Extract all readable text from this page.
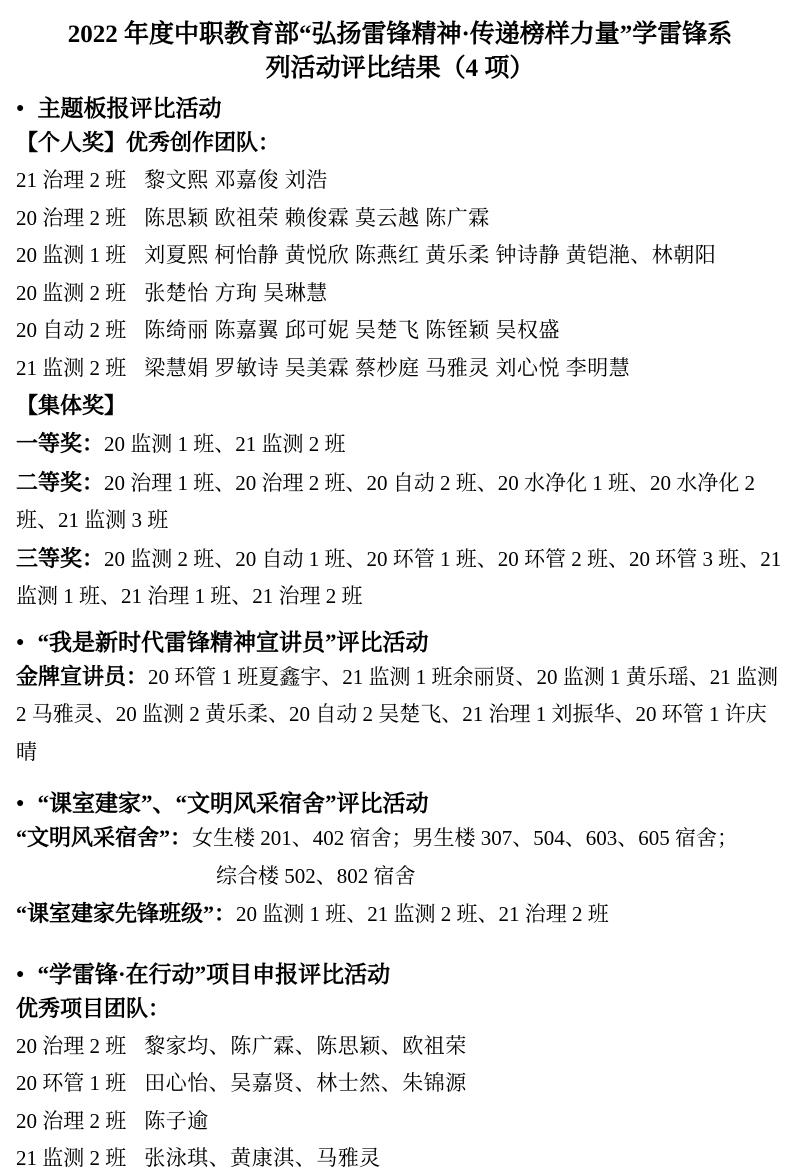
2022 年度中职教育部“弘扬雷锋精神·传递榜样力量”学雷锋系
列活动评比结果（4 项）
● 主题板报评比活动
【个人奖】优秀创作团队：
21 治理 2 班 黎文熙 邓嘉俊 刘浩
20 治理 2 班 陈思颖 欧祖荣 赖俊霖 莫云越 陈广霖
20 监测 1 班 刘夏熙 柯怡静 黄悦欣 陈燕红 黄乐柔 钟诗静 黄铠滟、林朝阳
20 监测 2 班 张楚怡 方珣 吴琳慧
20 自动 2 班 陈绮丽 陈嘉翼 邱可妮 吴楚飞 陈铚颖 吴权盛
21 监测 2 班 梁慧娟 罗敏诗 吴美霖 蔡杪庭 马雅灵 刘心悦 李明慧
【集体奖】

一等奖：20 监测 1 班、21 监测 2 班

二等奖：20 治理 1 班、20 治理 2 班、20 自动 2 班、20 水净化 1 班、20 水净化 2 班、21 监测 3 班

三等奖：20 监测 2 班、20 自动 1 班、20 环管 1 班、20 环管 2 班、20 环管 3 班、21 监测 1 班、21 治理 1 班、21 治理 2 班

● “我是新时代雷锋精神宣讲员”评比活动

金牌宣讲员：20 环管 1 班夏鑫宇、21 监测 1 班余丽贤、20 监测 1 黄乐瑶、21 监测 2 马雅灵、20 监测 2 黄乐柔、20 自动 2 吴楚飞、21 治理 1 刘振华、20 环管 1 许庆晴

● “课室建家”、“文明风采宿舍”评比活动

“文明风采宿舍”：女生楼 201、402 宿舍；男生楼 307、504、603、605 宿舍；

综合楼 502、802 宿舍

“课室建家先锋班级”：20 监测 1 班、21 监测 2 班、21 治理 2 班

● “学雷锋·在行动”项目申报评比活动
优秀项目团队：
20 治理 2 班 黎家均、陈广霖、陈思颖、欧祖荣
20 环管 1 班 田心怡、吴嘉贤、林士然、朱锦源
20 治理 2 班 陈子逾
21 监测 2 班 张泳琪、黄康淇、马雅灵
